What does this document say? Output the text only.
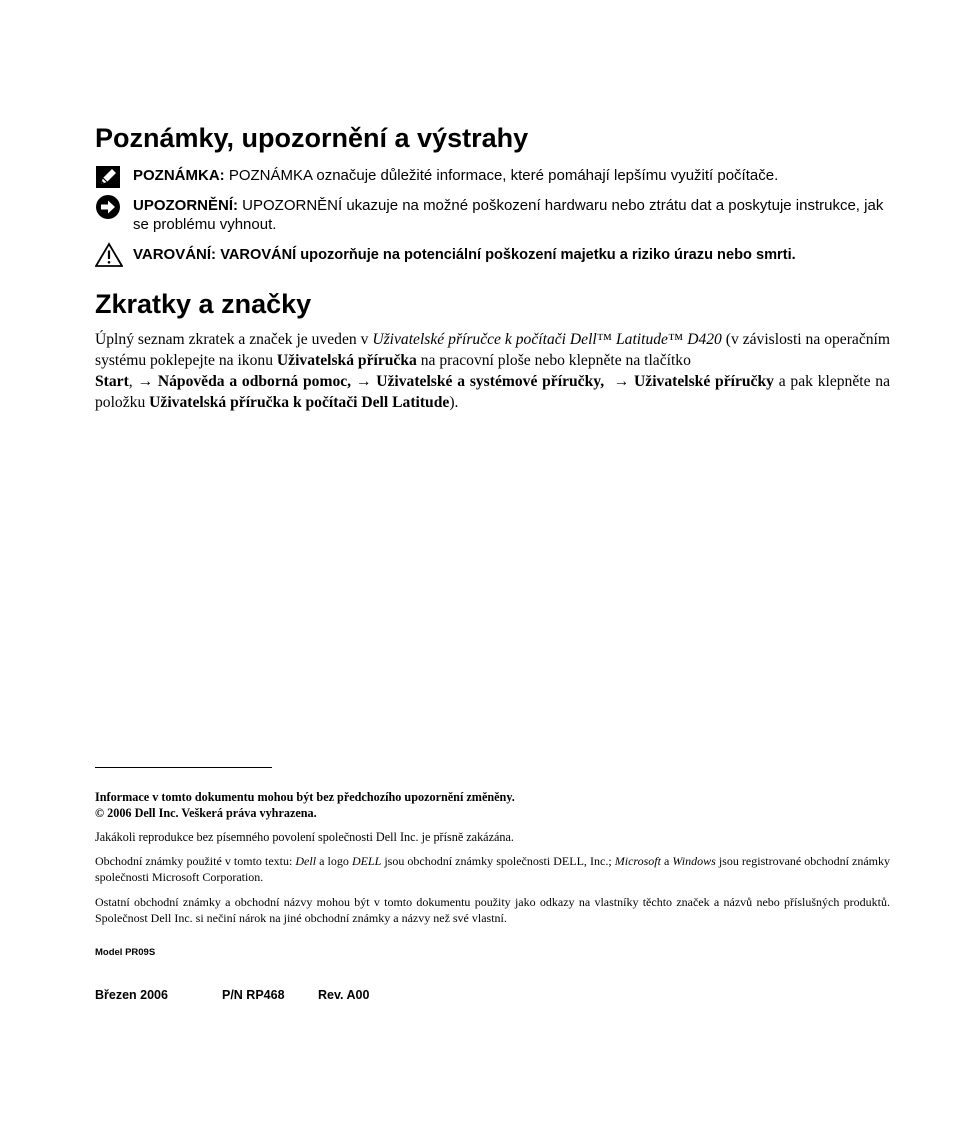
Poznámky, upozornění a výstrahy
POZNÁMKA: POZNÁMKA označuje důležité informace, které pomáhají lepšímu využití počítače.
UPOZORNĚNÍ: UPOZORNĚNÍ ukazuje na možné poškození hardwaru nebo ztrátu dat a poskytuje instrukce, jak se problému vyhnout.
VAROVÁNÍ: VAROVÁNÍ upozorňuje na potenciální poškození majetku a riziko úrazu nebo smrti.
Zkratky a značky
Úplný seznam zkratek a značek je uveden v Uživatelské příručce k počítači Dell™ Latitude™ D420 (v závislosti na operačním systému poklepejte na ikonu Uživatelská příručka na pracovní ploše nebo klepněte na tlačítko
Start, → Nápověda a odborná pomoc, → Uživatelské a systémové příručky, → Uživatelské příručky a pak klepněte na položku Uživatelská příručka k počítači Dell Latitude).
Informace v tomto dokumentu mohou být bez předchozího upozornění změněny.
© 2006 Dell Inc. Veškerá práva vyhrazena.
Jakákoli reprodukce bez písemného povolení společnosti Dell Inc. je přísně zakázána.
Obchodní známky použité v tomto textu: Dell a logo DELL jsou obchodní známky společnosti DELL, Inc.; Microsoft a Windows jsou registrované obchodní známky společnosti Microsoft Corporation.
Ostatní obchodní známky a obchodní názvy mohou být v tomto dokumentu použity jako odkazy na vlastníky těchto značek a názvů nebo příslušných produktů. Společnost Dell Inc. si nečiní nárok na jiné obchodní známky a názvy než své vlastní.
Model PR09S
Březen 2006	P/N RP468	Rev. A00
